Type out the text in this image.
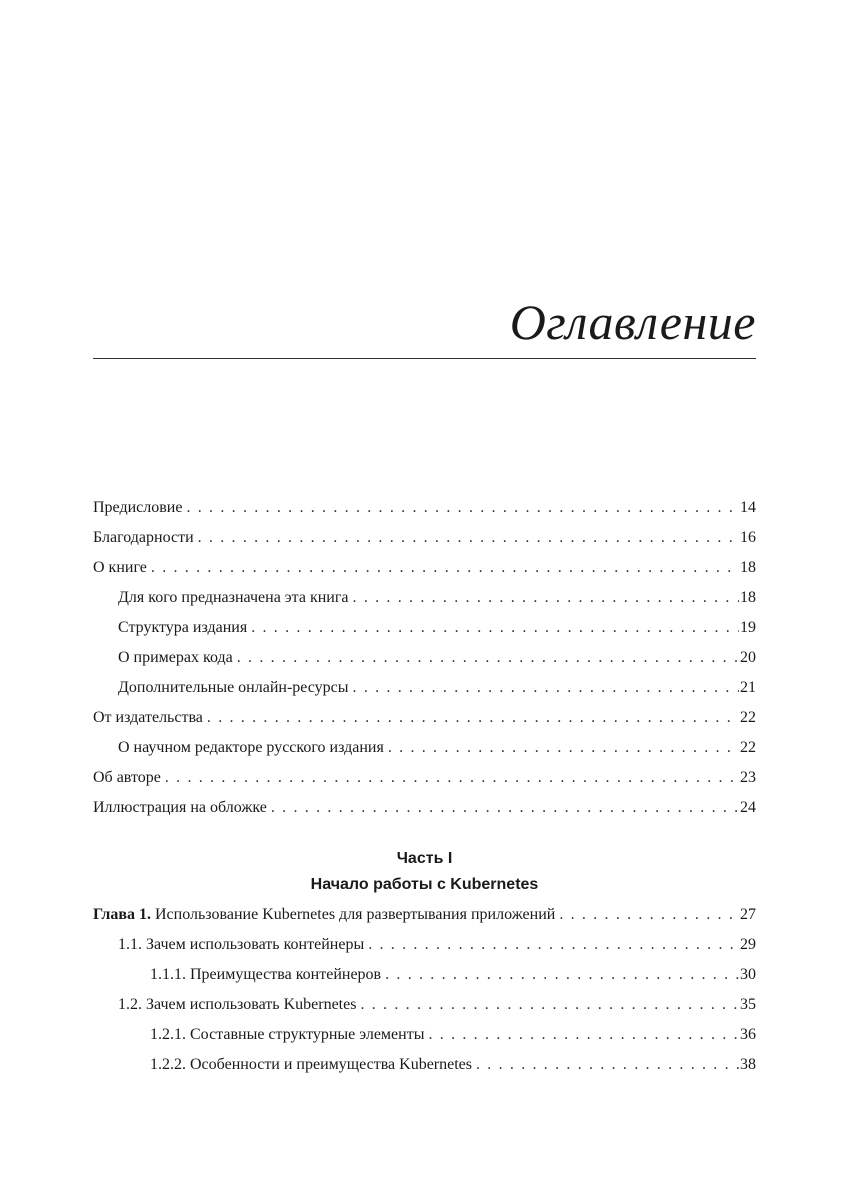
Оглавление
Предисловие . . .	14
Благодарности . . .	16
О книге . . .	18
Для кого предназначена эта книга . . .	18
Структура издания . . .	19
О примерах кода . . .	20
Дополнительные онлайн-ресурсы . . .	21
От издательства . . .	22
О научном редакторе русского издания . . .	22
Об авторе . . .	23
Иллюстрация на обложке . . .	24
Часть I
Начало работы с Kubernetes
Глава 1. Использование Kubernetes для развертывания приложений . . .	27
1.1. Зачем использовать контейнеры . . .	29
1.1.1. Преимущества контейнеров . . .	30
1.2. Зачем использовать Kubernetes . . .	35
1.2.1. Составные структурные элементы . . .	36
1.2.2. Особенности и преимущества Kubernetes . . .	38
